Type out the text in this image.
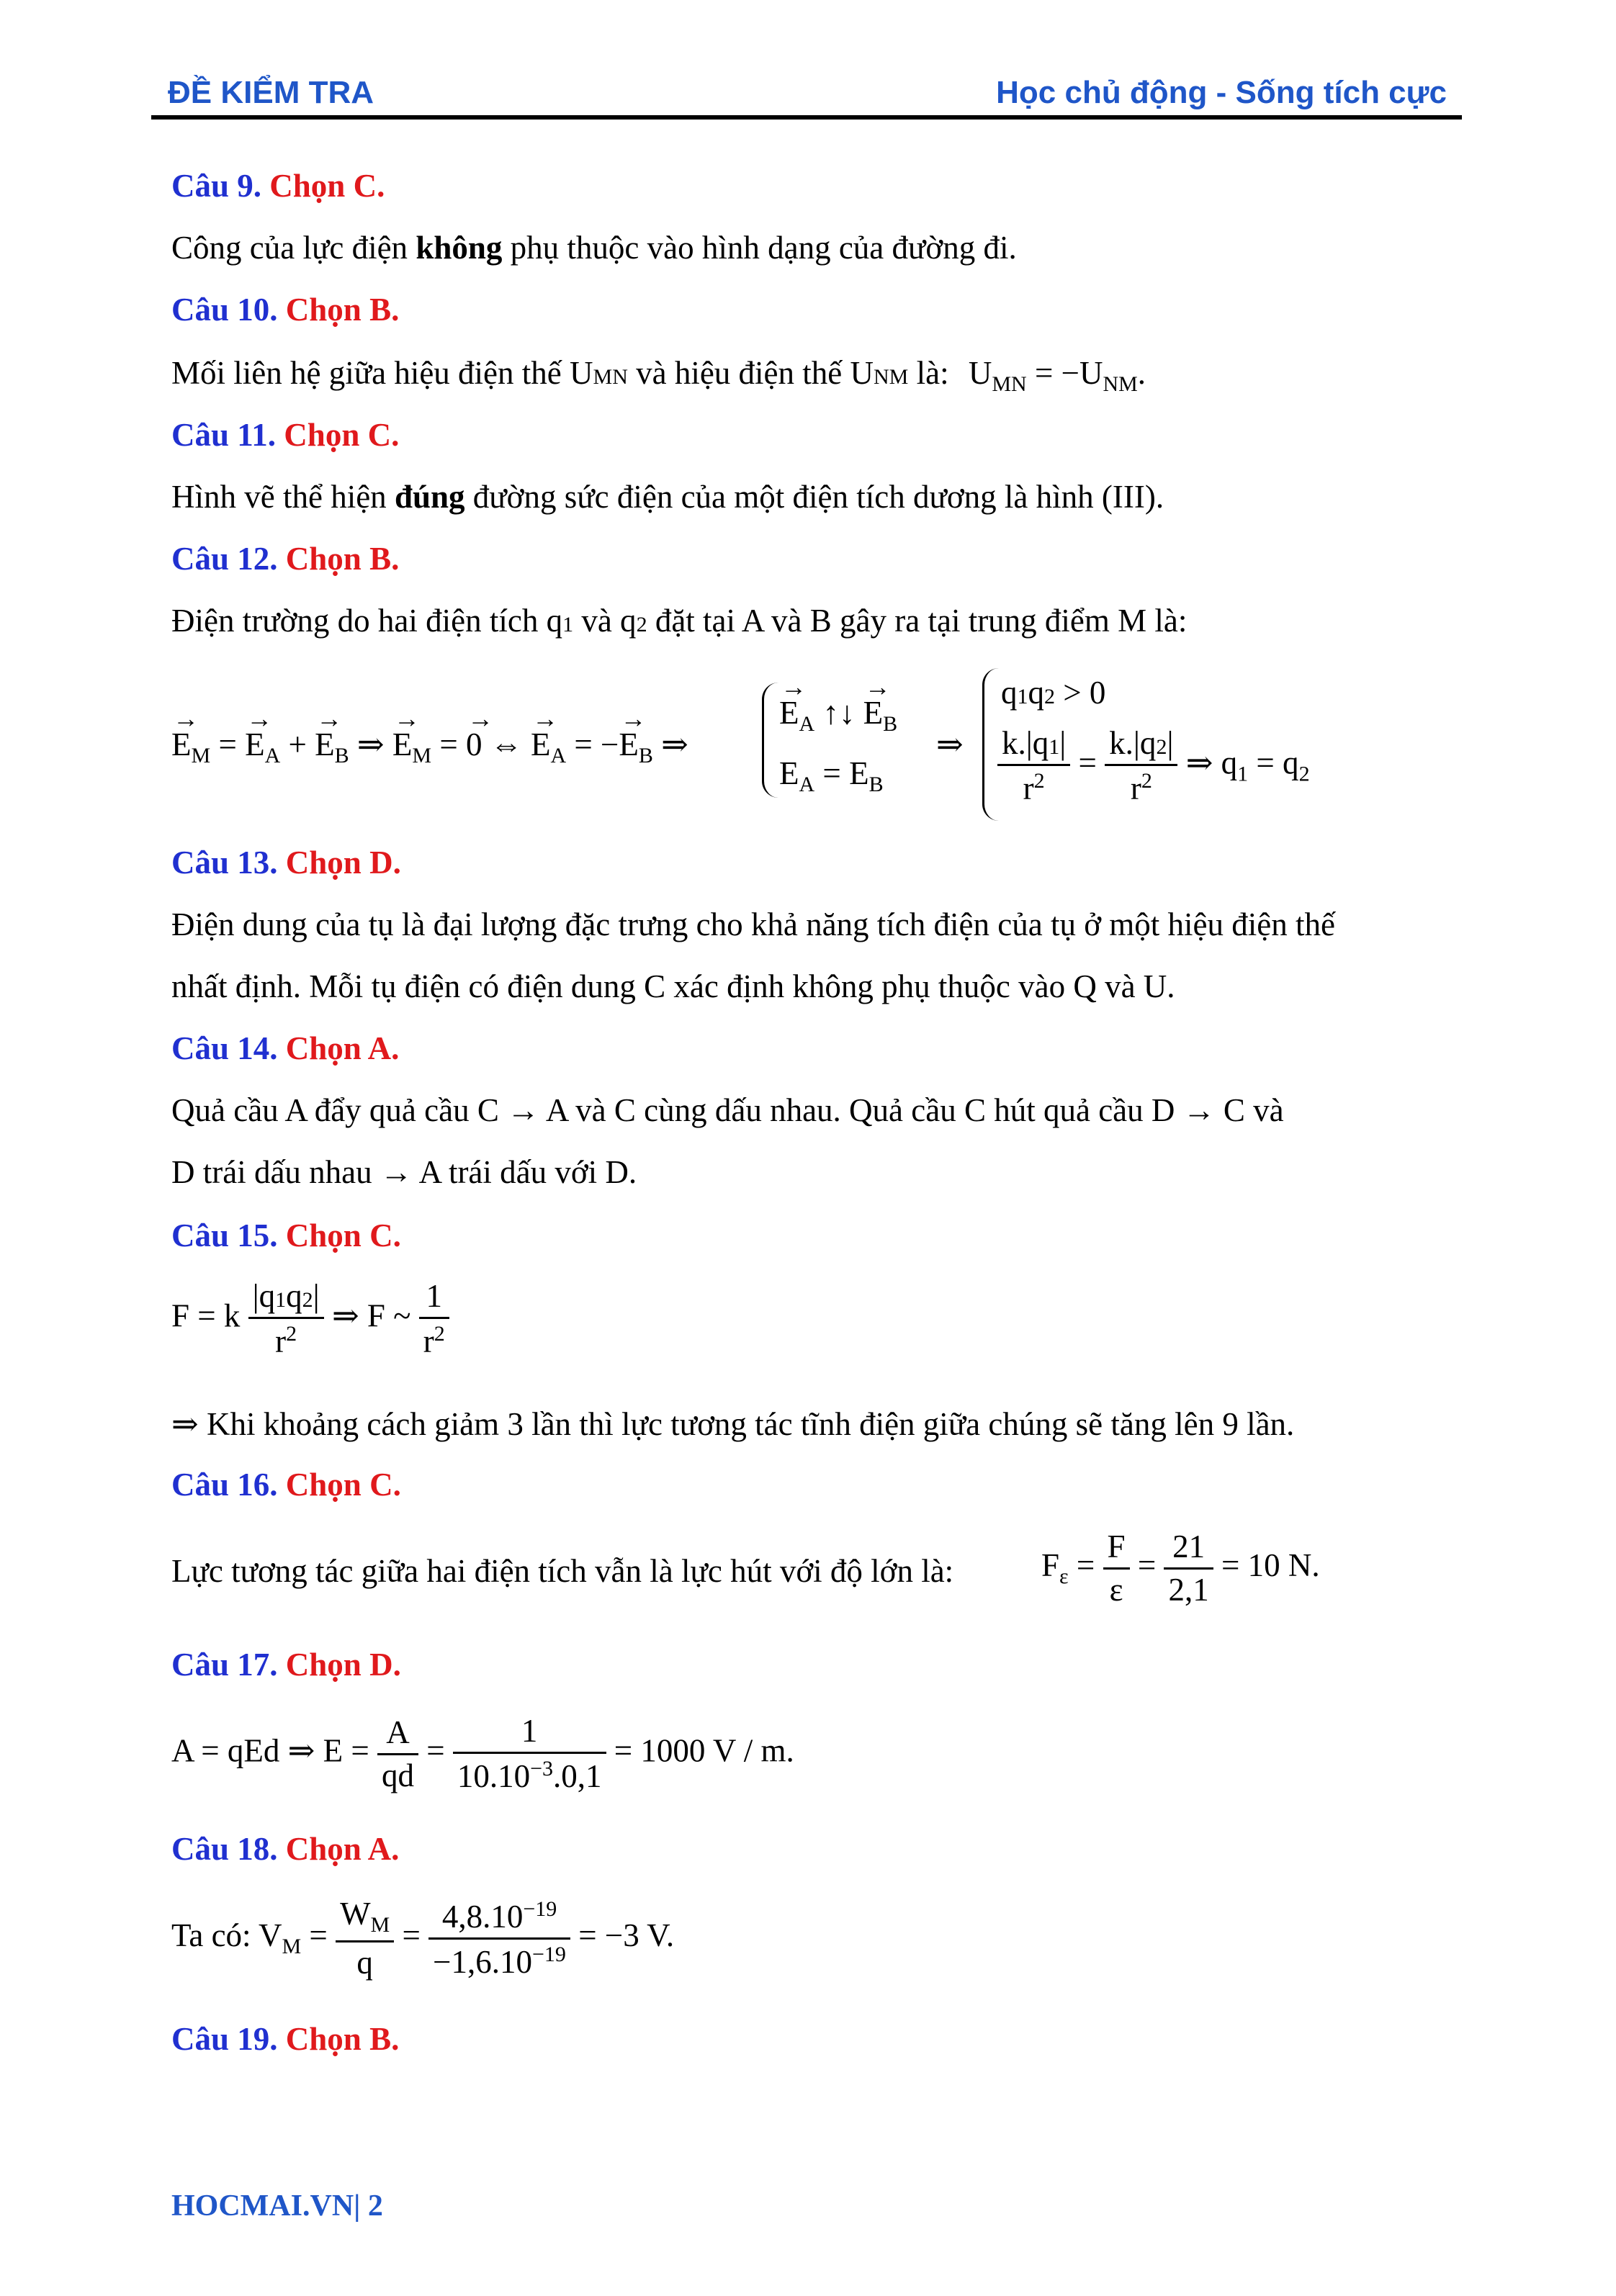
ĐỀ KIỂM TRA	Học chủ động - Sống tích cực
Câu 9. Chọn C.
Công của lực điện không phụ thuộc vào hình dạng của đường đi.
Câu 10. Chọn B.
Mối liên hệ giữa hiệu điện thế UMN và hiệu điện thế UNM là: $U_{MN} = -U_{NM}$.
Câu 11. Chọn C.
Hình vẽ thể hiện đúng đường sức điện của một điện tích dương là hình (III).
Câu 12. Chọn B.
Điện trường do hai điện tích q1 và q2 đặt tại A và B gây ra tại trung điểm M là:
→ $E_M$ = → $E_A$ + → $E_B$ ⇒ → $E_M$ = → 0 ⇔ → $E_A$ = −→ $E_B$ ⇒
→ $E_A$ ↑↓ → $E_B$
$E_A = E_B$
⇒
q1q2 > 0
$\frac{k.|q1|}{r^2} = \frac{k.|q2|}{r^2}$ ⇒ $q_1 = q_2$
Câu 13. Chọn D.
Điện dung của tụ là đại lượng đặc trưng cho khả năng tích điện của tụ ở một hiệu điện thế
nhất định. Mỗi tụ điện có điện dung C xác định không phụ thuộc vào Q và U.
Câu 14. Chọn A.
Quả cầu A đẩy quả cầu C → A và C cùng dấu nhau. Quả cầu C hút quả cầu D → C và
D trái dấu nhau → A trái dấu với D.
Câu 15. Chọn C.
F = k $\frac{|q1q2|}{r^2}$ ⇒ F ~ $\frac{1}{r^2}$
⇒ Khi khoảng cách giảm 3 lần thì lực tương tác tĩnh điện giữa chúng sẽ tăng lên 9 lần.
Câu 16. Chọn C.
Lực tương tác giữa hai điện tích vẫn là lực hút với độ lớn là:	$F_\varepsilon = \frac{F}{\varepsilon} = \frac{21}{2,1} = 10$ N.
Câu 17. Chọn D.
A = qEd ⇒ $E = \frac{A}{qd} = \frac{1}{10.10^{-3}.0,1} = 1000$ V / m.
Câu 18. Chọn A.
Ta có: $V_M = \frac{W_M}{q} = \frac{4,8.10^{-19}}{-1,6.10^{-19}} = -3$ V.
Câu 19. Chọn B.
HOCMAI.VN| 2
